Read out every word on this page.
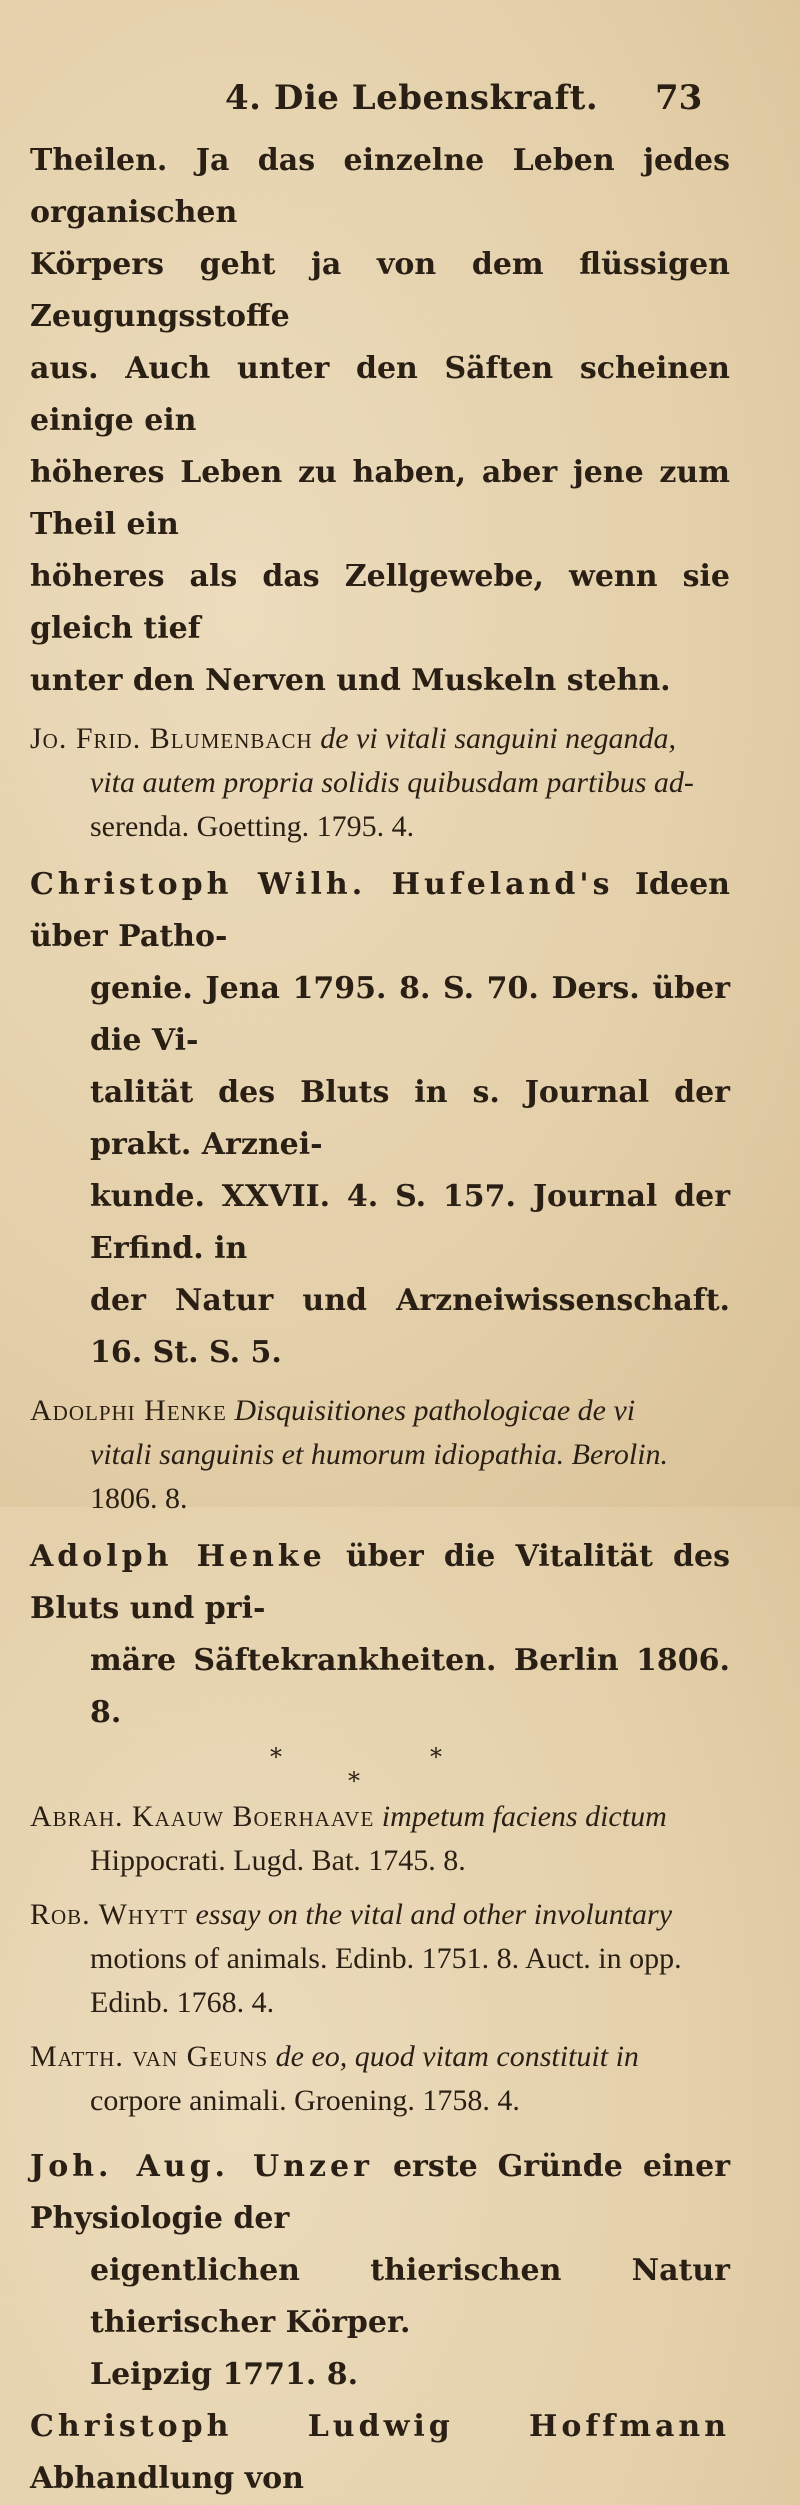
4. Die Lebenskraft. 73

Theilen. Ja das einzelne Leben jedes organischen

Körpers geht ja von dem flüssigen Zeugungsstoffe

aus. Auch unter den Säften scheinen einige ein

höheres Leben zu haben, aber jene zum Theil ein

höheres als das Zellgewebe, wenn sie gleich tief

unter den Nerven und Muskeln stehn.

Jo. Frid. Blumenbach de vi vitali sanguini neganda,
vita autem propria solidis quibusdam partibus ad-
serenda. Goetting. 1795. 4.
Christoph Wilh. Hufeland's Ideen über Patho-
genie. Jena 1795. 8. S. 70. Ders. über die Vi-
talität des Bluts in s. Journal der prakt. Arznei-
kunde. XXVII. 4. S. 157. Journal der Erfind. in
der Natur und Arzneiwissenschaft. 16. St. S. 5.
Adolphi Henke Disquisitiones pathologicae de vi
vitali sanguinis et humorum idiopathia. Berolin.
1806. 8.
Adolph Henke über die Vitalität des Bluts und pri-
märe Säftekrankheiten. Berlin 1806. 8.
*	*
*
Abrah. Kaauw Boerhaave impetum faciens dictum
Hippocrati. Lugd. Bat. 1745. 8.
Rob. Whytt essay on the vital and other involuntary
motions of animals. Edinb. 1751. 8. Auct. in opp.
Edinb. 1768. 4.
Matth. van Geuns de eo, quod vitam constituit in
corpore animali. Groening. 1758. 4.
Joh. Aug. Unzer erste Gründe einer Physiologie der
eigentlichen thierischen Natur thierischer Körper.
Leipzig 1771. 8.
Christoph Ludwig Hoffmann Abhandlung von
